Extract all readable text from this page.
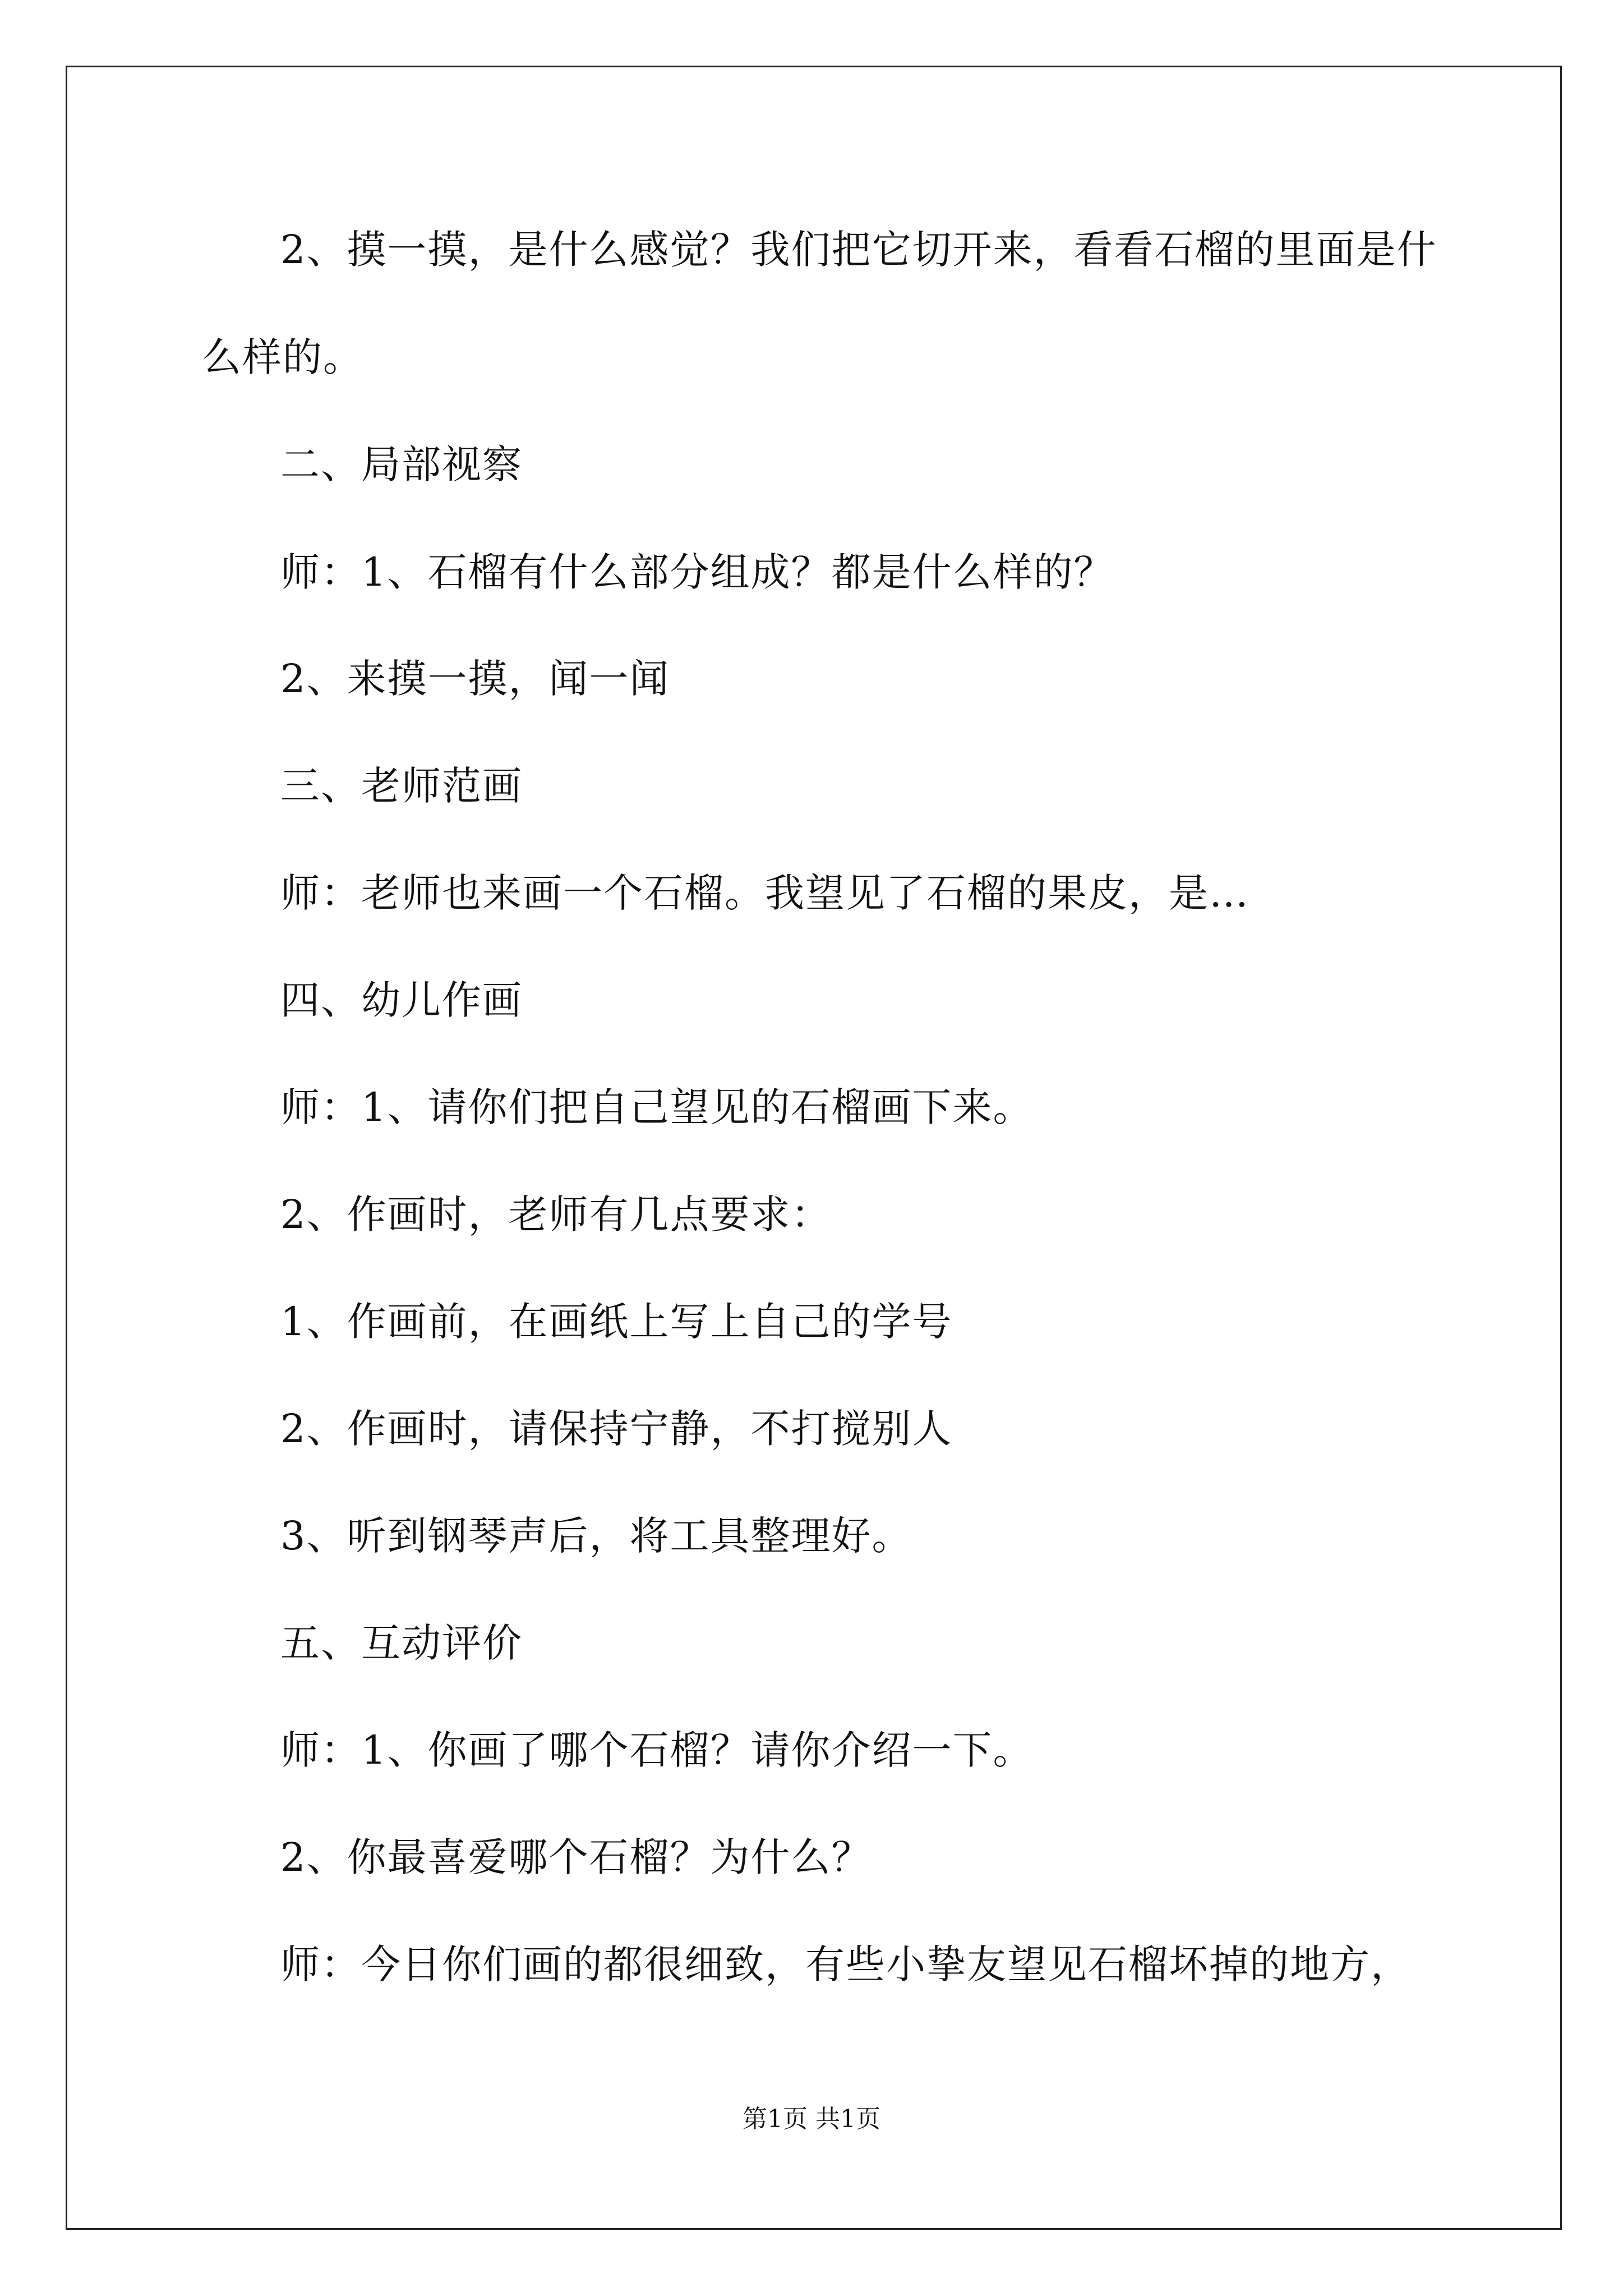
2、摸一摸，是什么感觉？我们把它切开来，看看石榴的里面是什
么样的。
二、局部视察
师：1、石榴有什么部分组成？都是什么样的？
2、来摸一摸，闻一闻
三、老师范画
师：老师也来画一个石榴。我望见了石榴的果皮，是…
四、幼儿作画
师：1、请你们把自己望见的石榴画下来。
2、作画时，老师有几点要求：
1、作画前，在画纸上写上自己的学号
2、作画时，请保持宁静，不打搅别人
3、听到钢琴声后，将工具整理好。
五、互动评价
师：1、你画了哪个石榴？请你介绍一下。
2、你最喜爱哪个石榴？为什么？
师：今日你们画的都很细致，有些小挚友望见石榴坏掉的地方，
第1页 共1页
